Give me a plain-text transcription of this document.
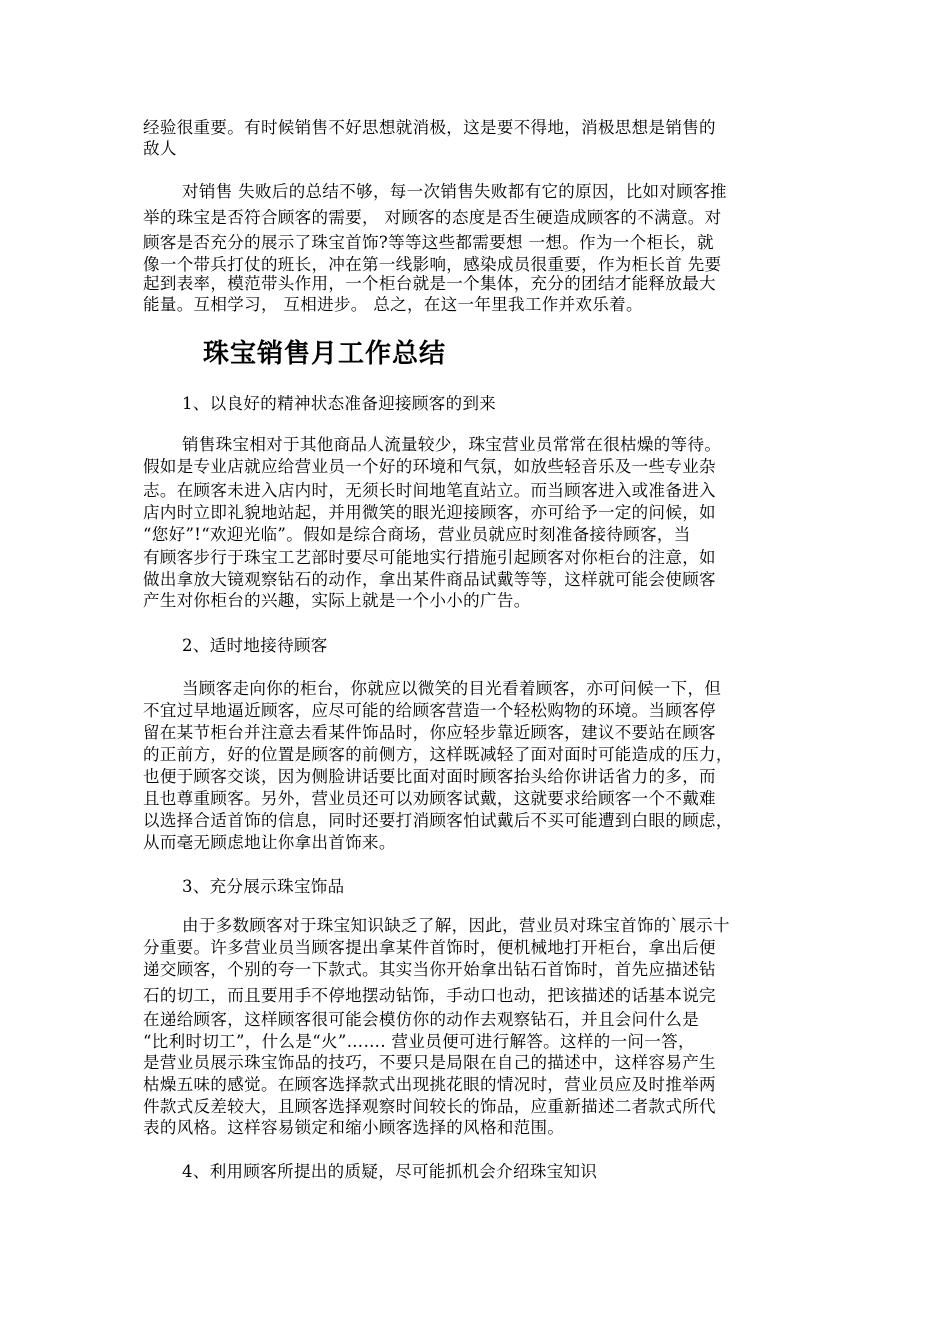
经验很重要。有时候销售不好思想就消极，这是要不得地，消极思想是销售的
敌人
对销售 失败后的总结不够，每一次销售失败都有它的原因，比如对顾客推
举的珠宝是否符合顾客的需要， 对顾客的态度是否生硬造成顾客的不满意。对
顾客是否充分的展示了珠宝首饰?等等这些都需要想 一想。作为一个柜长，就
像一个带兵打仗的班长，冲在第一线影响，感染成员很重要，作为柜长首 先要
起到表率，模范带头作用，一个柜台就是一个集体，充分的团结才能释放最大
能量。互相学习， 互相进步。 总之，在这一年里我工作并欢乐着。
珠宝销售月工作总结
1、以良好的精神状态准备迎接顾客的到来
销售珠宝相对于其他商品人流量较少，珠宝营业员常常在很枯燥的等待。
假如是专业店就应给营业员一个好的环境和气氛，如放些轻音乐及一些专业杂
志。在顾客未进入店内时，无须长时间地笔直站立。而当顾客进入或准备进入
店内时立即礼貌地站起，并用微笑的眼光迎接顾客，亦可给予一定的问候，如
“您好”!“欢迎光临”。假如是综合商场，营业员就应时刻准备接待顾客，当
有顾客步行于珠宝工艺部时要尽可能地实行措施引起顾客对你柜台的注意，如
做出拿放大镜观察钻石的动作，拿出某件商品试戴等等，这样就可能会使顾客
产生对你柜台的兴趣，实际上就是一个小小的广告。
2、适时地接待顾客
当顾客走向你的柜台，你就应以微笑的目光看着顾客，亦可问候一下，但
不宜过早地逼近顾客，应尽可能的给顾客营造一个轻松购物的环境。当顾客停
留在某节柜台并注意去看某件饰品时，你应轻步靠近顾客，建议不要站在顾客
的正前方，好的位置是顾客的前侧方，这样既减轻了面对面时可能造成的压力，
也便于顾客交谈，因为侧脸讲话要比面对面时顾客抬头给你讲话省力的多，而
且也尊重顾客。另外，营业员还可以劝顾客试戴，这就要求给顾客一个不戴难
以选择合适首饰的信息，同时还要打消顾客怕试戴后不买可能遭到白眼的顾虑，
从而毫无顾虑地让你拿出首饰来。
3、充分展示珠宝饰品
由于多数顾客对于珠宝知识缺乏了解，因此，营业员对珠宝首饰的`展示十
分重要。许多营业员当顾客提出拿某件首饰时，便机械地打开柜台，拿出后便
递交顾客，个别的夸一下款式。其实当你开始拿出钻石首饰时，首先应描述钻
石的切工，而且要用手不停地摆动钻饰，手动口也动，把该描述的话基本说完
在递给顾客，这样顾客很可能会模仿你的动作去观察钻石，并且会问什么是
“比利时切工”，什么是“火”……. 营业员便可进行解答。这样的一问一答，
是营业员展示珠宝饰品的技巧，不要只是局限在自己的描述中，这样容易产生
枯燥五味的感觉。在顾客选择款式出现挑花眼的情况时，营业员应及时推举两
件款式反差较大，且顾客选择观察时间较长的饰品，应重新描述二者款式所代
表的风格。这样容易锁定和缩小顾客选择的风格和范围。
4、利用顾客所提出的质疑，尽可能抓机会介绍珠宝知识
